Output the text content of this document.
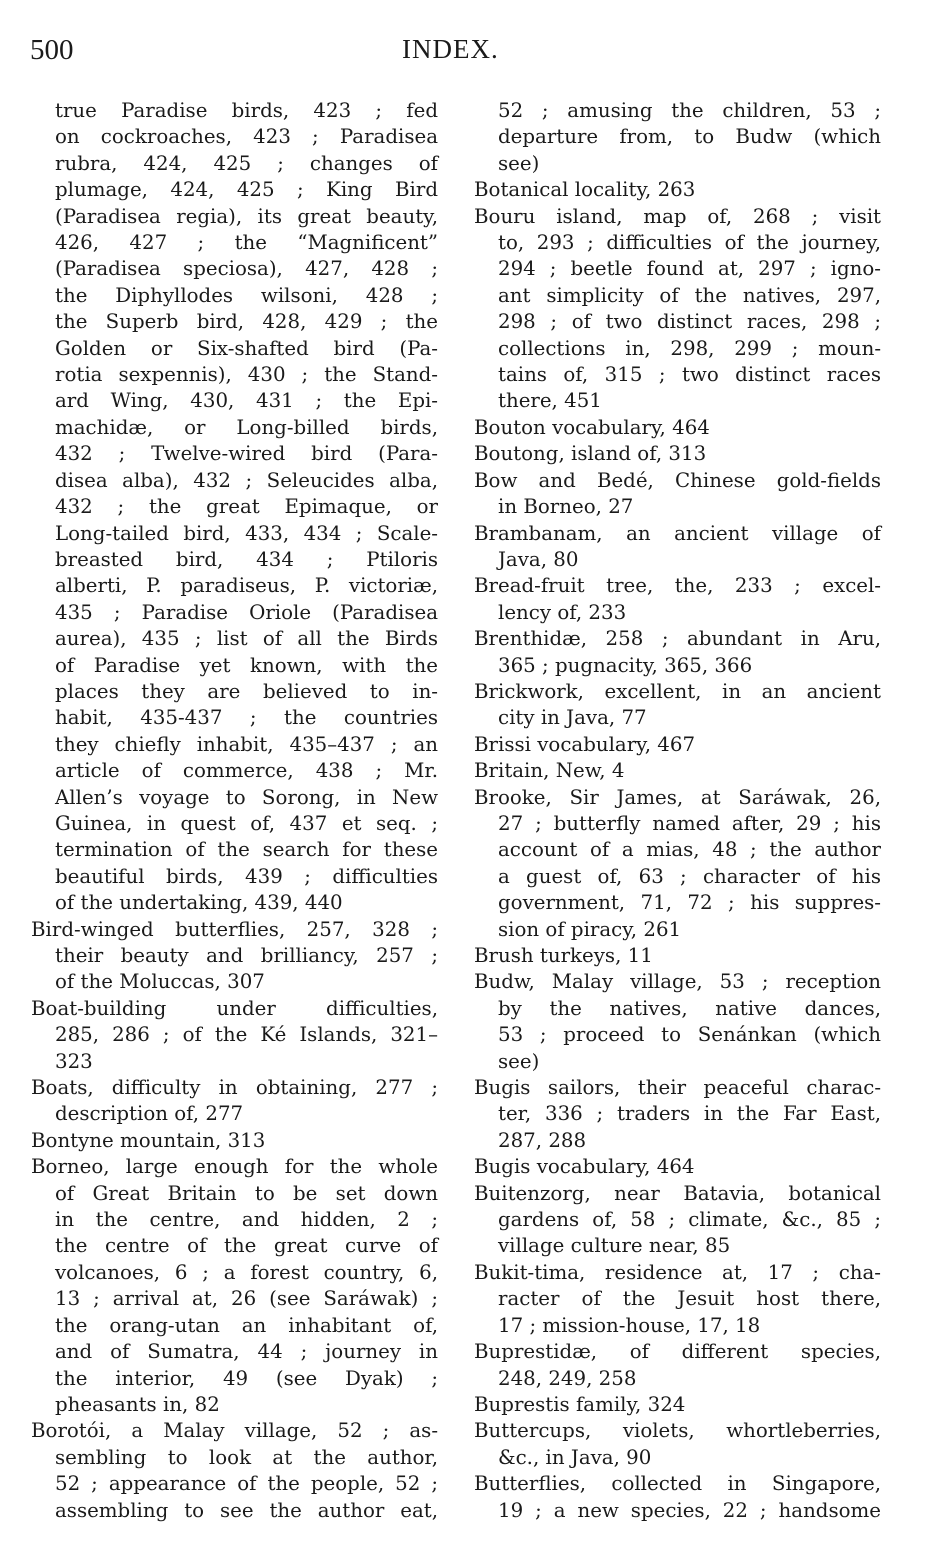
500	INDEX.
true Paradise birds, 423 ; fed
on cockroaches, 423 ; Paradisea
rubra, 424, 425 ; changes of
plumage, 424, 425 ; King Bird
(Paradisea regia), its great beauty,
426, 427 ; the “Magnificent”
(Paradisea speciosa), 427, 428 ;
the Diphyllodes wilsoni, 428 ;
the Superb bird, 428, 429 ; the
Golden or Six-shafted bird (Pa-
rotia sexpennis), 430 ; the Stand-
ard Wing, 430, 431 ; the Epi-
machidæ, or Long-billed birds,
432 ; Twelve-wired bird (Para-
disea alba), 432 ; Seleucides alba,
432 ; the great Epimaque, or
Long-tailed bird, 433, 434 ; Scale-
breasted bird, 434 ; Ptiloris
alberti, P. paradiseus, P. victoriæ,
435 ; Paradise Oriole (Paradisea
aurea), 435 ; list of all the Birds
of Paradise yet known, with the
places they are believed to in-
habit, 435-437 ; the countries
they chiefly inhabit, 435–437 ; an
article of commerce, 438 ; Mr.
Allen’s voyage to Sorong, in New
Guinea, in quest of, 437 et seq. ;
termination of the search for these
beautiful birds, 439 ; difficulties
of the undertaking, 439, 440
Bird-winged butterflies, 257, 328 ;
their beauty and brilliancy, 257 ;
of the Moluccas, 307
Boat-building under difficulties,
285, 286 ; of the Ké Islands, 321–
323
Boats, difficulty in obtaining, 277 ;
description of, 277
Bontyne mountain, 313
Borneo, large enough for the whole
of Great Britain to be set down
in the centre, and hidden, 2 ;
the centre of the great curve of
volcanoes, 6 ; a forest country, 6,
13 ; arrival at, 26 (see Saráwak) ;
the orang-utan an inhabitant of,
and of Sumatra, 44 ; journey in
the interior, 49 (see Dyak) ;
pheasants in, 82
Borotói, a Malay village, 52 ; as-
sembling to look at the author,
52 ; appearance of the people, 52 ;
assembling to see the author eat,
52 ; amusing the children, 53 ;
departure from, to Budw (which
see)
Botanical locality, 263
Bouru island, map of, 268 ; visit
to, 293 ; difficulties of the journey,
294 ; beetle found at, 297 ; igno-
ant simplicity of the natives, 297,
298 ; of two distinct races, 298 ;
collections in, 298, 299 ; moun-
tains of, 315 ; two distinct races
there, 451
Bouton vocabulary, 464
Boutong, island of, 313
Bow and Bedé, Chinese gold-fields
in Borneo, 27
Brambanam, an ancient village of
Java, 80
Bread-fruit tree, the, 233 ; excel-
lency of, 233
Brenthidæ, 258 ; abundant in Aru,
365 ; pugnacity, 365, 366
Brickwork, excellent, in an ancient
city in Java, 77
Brissi vocabulary, 467
Britain, New, 4
Brooke, Sir James, at Saráwak, 26,
27 ; butterfly named after, 29 ; his
account of a mias, 48 ; the author
a guest of, 63 ; character of his
government, 71, 72 ; his suppres-
sion of piracy, 261
Brush turkeys, 11
Budw, Malay village, 53 ; reception
by the natives, native dances,
53 ; proceed to Senánkan (which
see)
Bugis sailors, their peaceful charac-
ter, 336 ; traders in the Far East,
287, 288
Bugis vocabulary, 464
Buitenzorg, near Batavia, botanical
gardens of, 58 ; climate, &c., 85 ;
village culture near, 85
Bukit-tima, residence at, 17 ; cha-
racter of the Jesuit host there,
17 ; mission-house, 17, 18
Buprestidæ, of different species,
248, 249, 258
Buprestis family, 324
Buttercups, violets, whortleberries,
&c., in Java, 90
Butterflies, collected in Singapore,
19 ; a new species, 22 ; handsome
